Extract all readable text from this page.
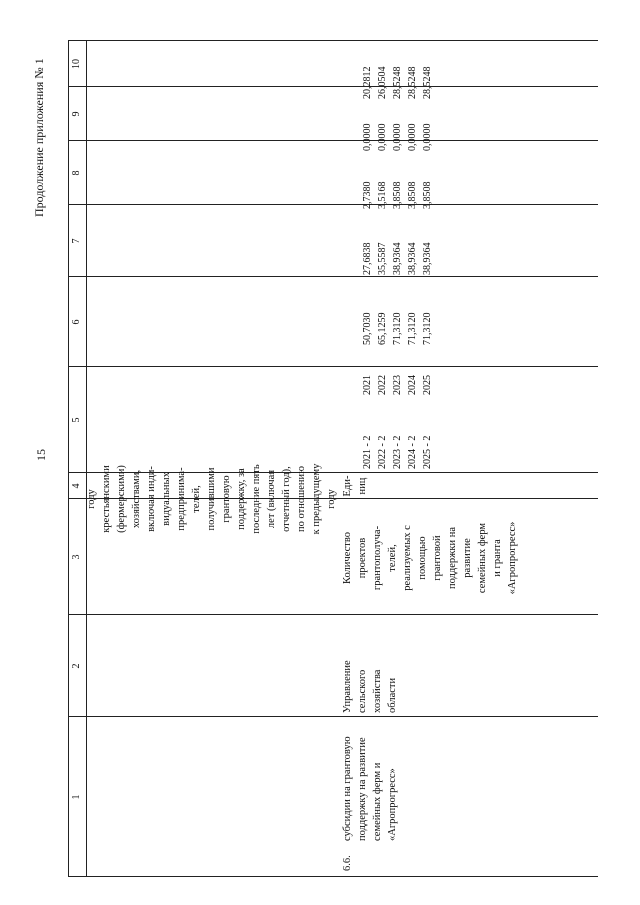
15
Продолжение приложения № 1
1
2
3
4
5
6
7
8
9
10
году крестьянскими (фермерскими) хозяйствами, включая инди- видуальных предпринима- телей, получившими грантовую поддержку, за последние пять лет (включая отчетный год), по отношению к предыдущему году
6.6.
субсидии на грантовую поддержку на развитие семейных ферм и «Агропрогресс»
Управление сельского хозяйства области
Количество проектов грантополуча- телей, реализуемых с помощью грантовой поддержки на развитие семейных ферм и гранта «Агропрогресс»
Еди- ниц
2021 - 2 2022 - 2 2023 - 2 2024 - 2 2025 - 2
2021 2022 2023 2024 2025
50,7030 65,1259 71,3120 71,3120 71,3120
27,6838 35,5587 38,9364 38,9364 38,9364
2,7380 3,5168 3,8508 3,8508 3,8508
0,0000 0,0000 0,0000 0,0000 0,0000
20,2812 26,0504 28,5248 28,5248 28,5248
